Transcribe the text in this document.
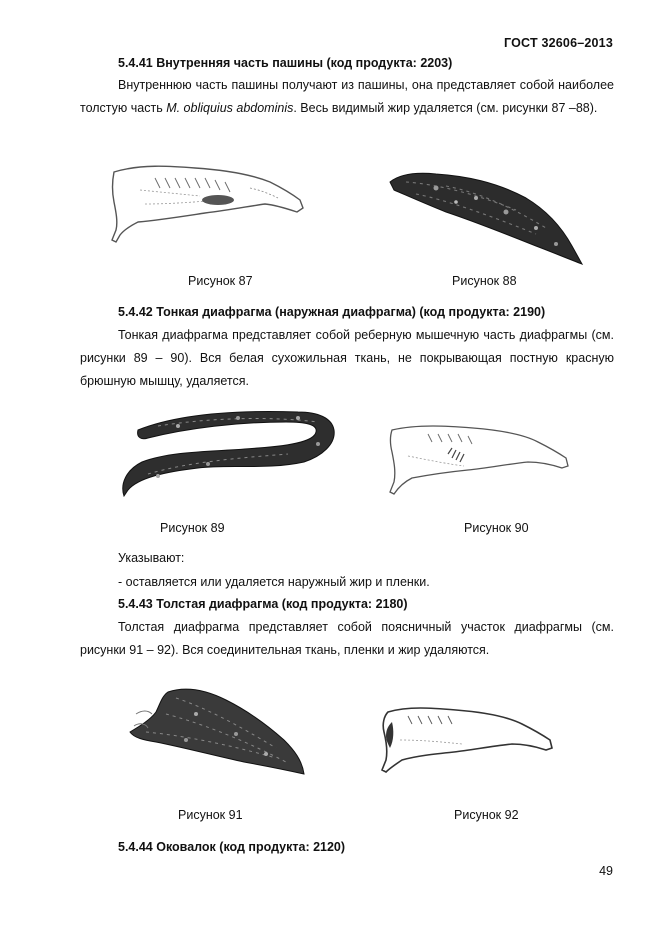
ГОСТ 32606–2013
5.4.41 Внутренняя часть пашины (код продукта: 2203)

Внутреннюю часть пашины получают из пашины, она представляет собой наиболее толстую часть M. obliquius abdominis. Весь видимый жир удаляется (см. рисунки 87 –88).

Рисунок 87	Рисунок 88
5.4.42 Тонкая диафрагма (наружная диафрагма) (код продукта: 2190)

Тонкая диафрагма представляет собой реберную мышечную часть диафрагмы (см. рисунки 89 – 90). Вся белая сухожильная ткань, не покрывающая постную красную брюшную мышцу, удаляется.

Рисунок 89	Рисунок 90
Указывают:
- оставляется или удаляется наружный жир и пленки.
5.4.43 Толстая диафрагма (код продукта: 2180)

Толстая диафрагма представляет собой поясничный участок диафрагмы (см. рисунки 91 – 92). Вся соединительная ткань, пленки и жир удаляются.

Рисунок 91	Рисунок 92
5.4.44 Оковалок (код продукта: 2120)
49
